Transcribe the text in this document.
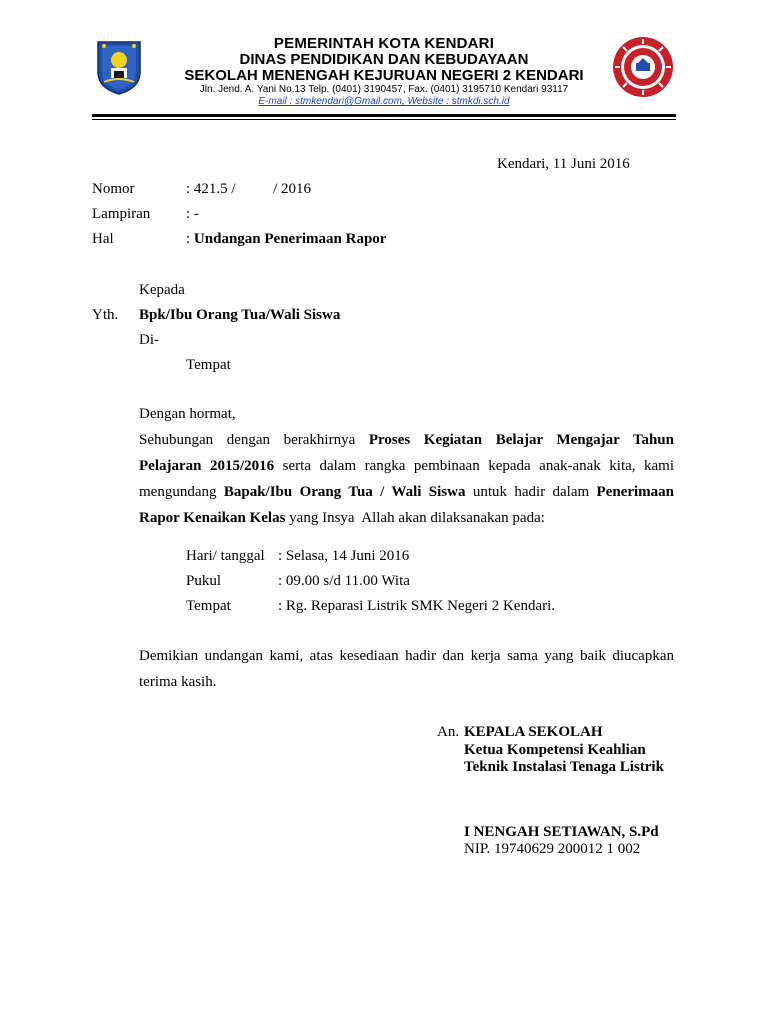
PEMERINTAH KOTA KENDARI
DINAS PENDIDIKAN DAN KEBUDAYAAN
SEKOLAH MENENGAH KEJURUAN NEGERI 2 KENDARI
Jln. Jend. A. Yani No.13 Telp. (0401) 3190457, Fax. (0401) 3195710 Kendari 93117
E-mail : stmkendari@Gmail.com, Website : stmkdi.sch.id
Kendari, 11 Juni 2016
Nomor	: 421.5 /          / 2016
Lampiran : -
Hal	: Undangan Penerimaan Rapor
Kepada
Yth. Bpk/Ibu Orang Tua/Wali Siswa
Di-
Tempat
Dengan hormat,
Sehubungan dengan berakhirnya Proses Kegiatan Belajar Mengajar Tahun
Pelajaran 2015/2016 serta dalam rangka pembinaan kepada anak-anak kita, kami
mengundang Bapak/Ibu Orang Tua / Wali Siswa untuk hadir dalam Penerimaan
Rapor Kenaikan Kelas yang Insya  Allah akan dilaksanakan pada:
Hari/ tanggal : Selasa, 14 Juni 2016
Pukul	: 09.00 s/d 11.00 Wita
Tempat	: Rg. Reparasi Listrik SMK Negeri 2 Kendari.
Demikian undangan kami, atas kesediaan hadir dan kerja sama yang baik diucapkan
terima kasih.
An. KEPALA SEKOLAH
Ketua Kompetensi Keahlian
Teknik Instalasi Tenaga Listrik
I NENGAH SETIAWAN, S.Pd
NIP. 19740629 200012 1 002
